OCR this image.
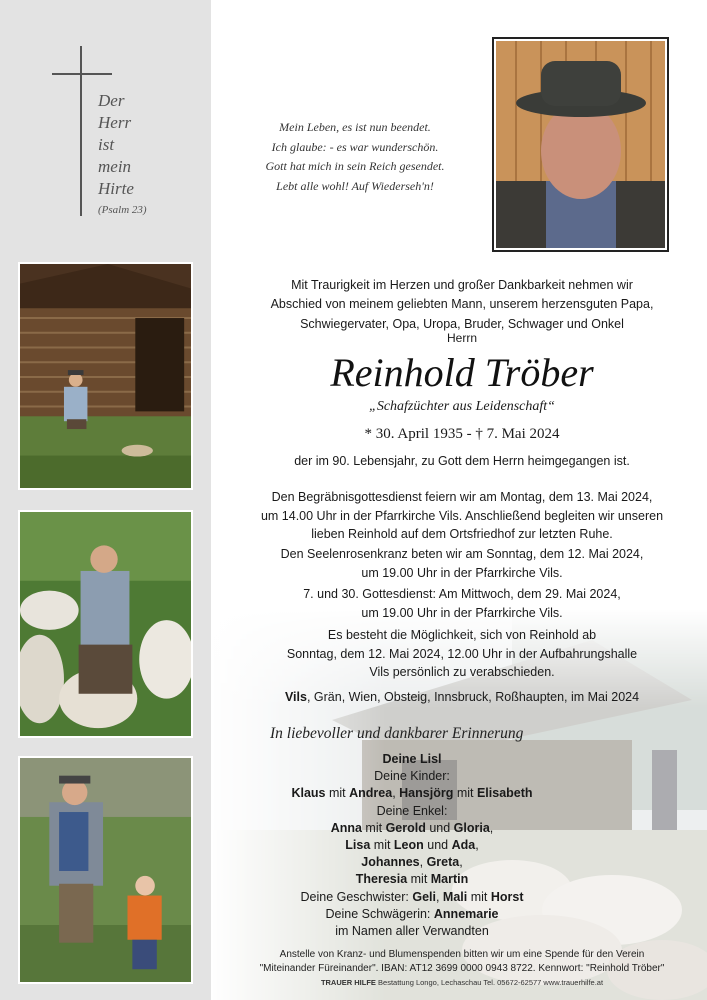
Der
Herr
ist
mein
Hirte
(Psalm 23)
Mein Leben, es ist nun beendet.
Ich glaube: - es war wunderschön.
Gott hat mich in sein Reich gesendet.
Lebt alle wohl! Auf Wiederseh'n!
Mit Traurigkeit im Herzen und großer Dankbarkeit nehmen wir
Abschied von meinem geliebten Mann, unserem herzensguten Papa,
Schwiegervater, Opa, Uropa, Bruder, Schwager und Onkel
Herrn
Reinhold Tröber
„Schafzüchter aus Leidenschaft“
* 30. April 1935 - † 7. Mai 2024
der im 90. Lebensjahr, zu Gott dem Herrn heimgegangen ist.
Den Begräbnisgottesdienst feiern wir am Montag, dem 13. Mai 2024,
um 14.00 Uhr in der Pfarrkirche Vils. Anschließend begleiten wir unseren
lieben Reinhold auf dem Ortsfriedhof zur letzten Ruhe.
Den Seelenrosenkranz beten wir am Sonntag, dem 12. Mai 2024,
um 19.00 Uhr in der Pfarrkirche Vils.
7. und 30. Gottesdienst: Am Mittwoch, dem 29. Mai 2024,
um 19.00 Uhr in der Pfarrkirche Vils.
Es besteht die Möglichkeit, sich von Reinhold ab
Sonntag, dem 12. Mai 2024, 12.00 Uhr in der Aufbahrungshalle
Vils persönlich zu verabschieden.
Vils, Grän, Wien, Obsteig, Innsbruck, Roßhaupten, im Mai 2024
In liebevoller und dankbarer Erinnerung
Deine Lisl
Deine Kinder:
Klaus mit Andrea, Hansjörg mit Elisabeth
Deine Enkel:
Anna mit Gerold und Gloria,
Lisa mit Leon und Ada,
Johannes, Greta,
Theresia mit Martin
Deine Geschwister: Geli, Mali mit Horst
Deine Schwägerin: Annemarie
im Namen aller Verwandten
Anstelle von Kranz- und Blumenspenden bitten wir um eine Spende für den Verein
"Miteinander Füreinander". IBAN: AT12 3699 0000 0943 8722. Kennwort: "Reinhold Tröber"
TRAUER HILFE Bestattung Longo, Lechaschau Tel. 05672-62577 www.trauerhilfe.at
